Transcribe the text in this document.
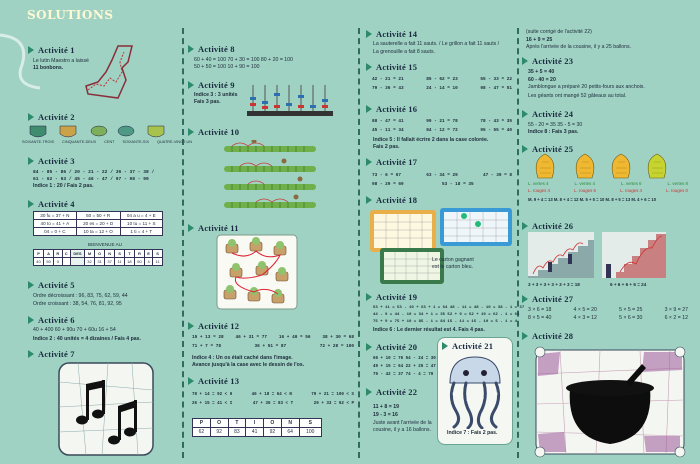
SOLUTIONS
Activité 1
Le lutin Maestro a laissé
11 bonbons.
Activité 2
SOIXANTE-TROIS CINQUANTE-DEUX CENT SOIXANTE-SIX QUATRE-VINGT-UN
Activité 3
84 - 85 - 86 / 20 - 21 - 22 / 36 - 37 - 38 /
61 - 62 - 63 / 45 - 46 - 47 / 97 - 98 - 99
Indice 1 : 20 / Fais 2 pas.
Activité 4
30 fu = 37 + N	50 = 50 + R	04 a u = 4 + E
40 to = 41 + A	20 es = 20 + D	10 tu = 11 + S
04 = 0 + C	10 ta = 12 + O	1 ti = 4 + T
BIENVENUE AU
P	A	R	C	DES	M	O	N	S	T	R	E	S
40	50	0			32	31	37	11	18	50	4	11
Activité 5
Ordre décroissant : 96, 83, 75, 62, 59, 44
Ordre croissant : 38, 54, 76, 81, 92, 95
Activité 6
40 + 400 60 + 90u 70 + 60u 16 + 54
Indice 2 : 40 unités = 4 dizaines / Fais 4 pas.
Activité 7
Activité 8
60 + 40 = 100 70 + 30 = 100 80 + 20 = 100
50 + 50 = 100 10 + 90 = 100
Activité 9
Indice 3 : 3 unités
Fais 3 pas.
Activité 10
Activité 11
Activité 12
15 + 13 = 28	46 + 31 = 77	16 + 40 = 56	38 + 30 = 68
71 + 7 = 78	36 + 51 = 87	72 + 28 = 100
Indice 4 : Un os était caché dans l'image.
Avance jusqu'à la case avec le dessin de l'os.
Activité 13
78 + 14 = 92 < 0	46 + 18 = 64 < N	79 + 21 = 100 < S
26 + 15 = 41 < I	47 + 36 = 83 < T	29 + 33 = 62 < P
P	O	T	I	O	N	S
62	92	83	41	92	64	100
Activité 14
La sauterelle a fait 11 sauts. / Le grillon a fait 11 sauts /
La grenouille a fait 8 sauts.
Activité 15
42 - 21 = 21	85 - 62 = 23	55 - 33 = 22
79 - 36 = 43	24 - 14 = 10	98 - 47 = 51
Activité 16
88 - 47 = 41	99 - 21 = 78	78 - 43 = 35
45 - 11 = 34	84 - 12 = 72	95 - 55 = 40
Indice 5 : Il fallait écrire 2 dans la case colorée.
Fais 2 pas.
Activité 17
73 - 6 = 67	63 - 34 = 29	47 - 39 = 8
98 - 29 = 69	53 - 18 = 35
Activité 18
Le carton gagnant
est le carton bleu.
Activité 19
53 + 11 = 53 - 10 + 63 + 1 = 64 48 - 11 = 48 - 10 = 38 - 1 = 37
44 - 9 = 44 - 10 = 34 + 1 = 35 52 + 9 = 52 + 10 = 62 - 1 = 61
75 + 9 = 75 + 10 = 85 - 1 = 84 15 - 11 = 15 - 10 = 5 - 1 = 4
Indice 6 : Le dernier résultat est 4. Fais 4 pas.
Activité 20
66 + 10 = 76 54 - 24 = 30
49 + 15 = 64 22 + 25 = 47
79 - 42 = 37 74 - 4 = 70
Activité 22
11 + 8 = 19
19 - 3 = 16
Juste avant l'arrivée de la
cousine, il y a 16 ballons.
Activité 21
16
12	24
30
Indice 7 : Fais 2 pas.
(suite corrigé de l'activité 22)
16 + 9 = 25
Après l'arrivée de la cousine, il y a 25 ballons.
Activité 23
35 + 5 = 40
60 - 40 = 20
Jamblongue a préparé 20 petits-fours aux anchois.
Les géants ont mangé 52 gâteaux au total.
Activité 24
55 - 20 = 35 35 - 5 = 30
Indice 8 : Fais 3 pas.
Activité 25
L. vertes 4	L. vertes 4	L. vertes 6	L. vertes 8
L. rouges 4	L. rouges 6	L. rouges 4	L. rouges 0
M. 9 + 4 = 13 M. 8 + 4 = 12 M. 5 + 5 = 10 M. 8 + 5 = 13 M. 4 + 6 = 10
Activité 26
3 + 3 + 3 + 3 + 3 + 3 = 18	6 + 6 + 6 + 6 = 24
Activité 27
3 × 6 = 18	4 × 5 = 20	5 × 5 = 25	3 × 9 = 27
8 × 5 = 40	4 × 3 = 12	5 × 6 = 30	6 × 2 = 12
Activité 28
